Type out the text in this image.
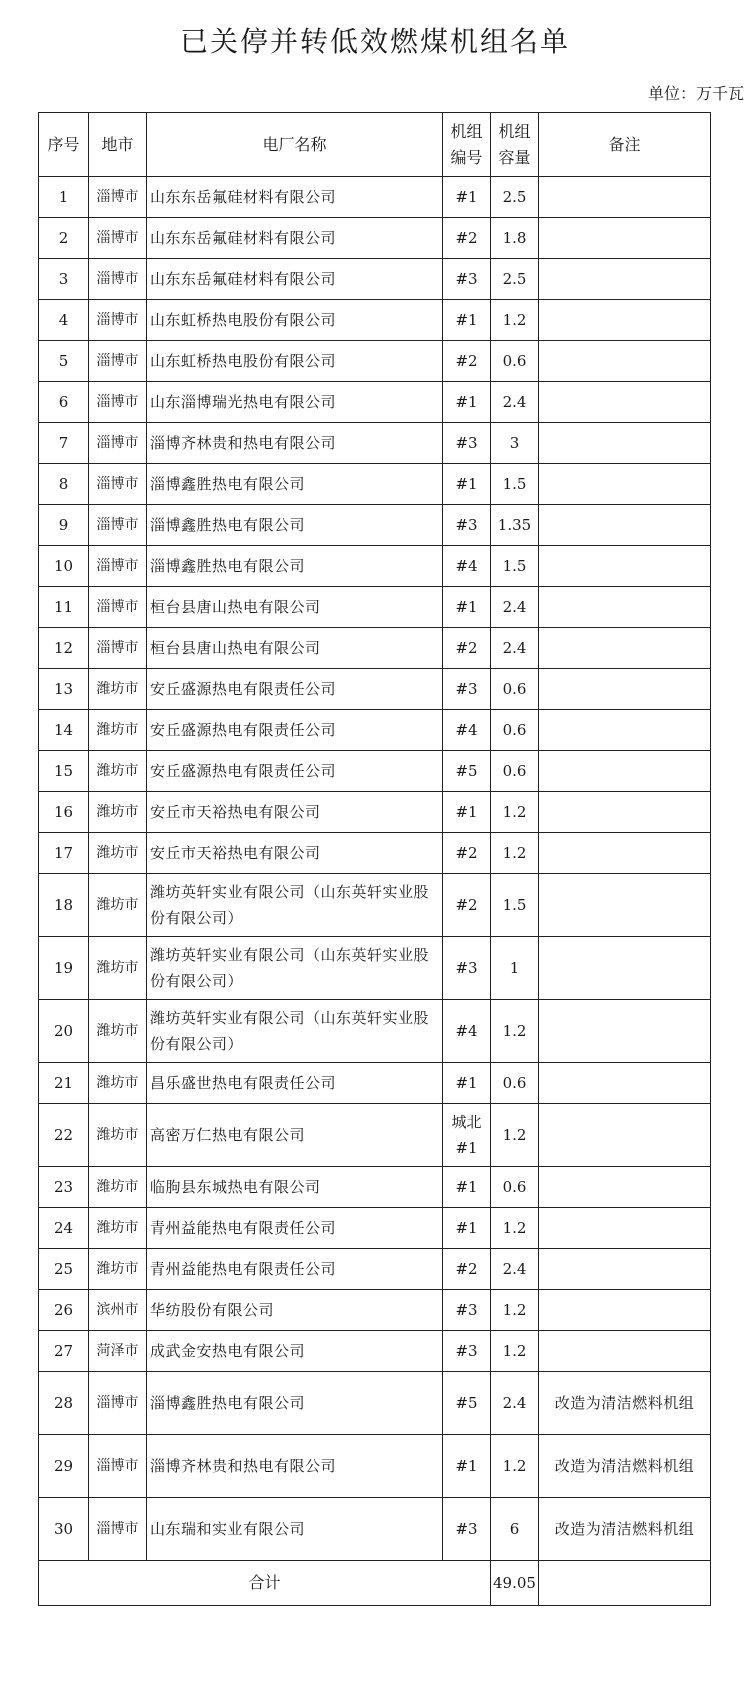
已关停并转低效燃煤机组名单
单位：万千瓦
序号	地市	电厂名称	机组编号	机组容量	备注
1	淄博市	山东东岳氟硅材料有限公司	#1	2.5	
2	淄博市	山东东岳氟硅材料有限公司	#2	1.8	
3	淄博市	山东东岳氟硅材料有限公司	#3	2.5	
4	淄博市	山东虹桥热电股份有限公司	#1	1.2	
5	淄博市	山东虹桥热电股份有限公司	#2	0.6	
6	淄博市	山东淄博瑞光热电有限公司	#1	2.4	
7	淄博市	淄博齐林贵和热电有限公司	#3	3	
8	淄博市	淄博鑫胜热电有限公司	#1	1.5	
9	淄博市	淄博鑫胜热电有限公司	#3	1.35	
10	淄博市	淄博鑫胜热电有限公司	#4	1.5	
11	淄博市	桓台县唐山热电有限公司	#1	2.4	
12	淄博市	桓台县唐山热电有限公司	#2	2.4	
13	潍坊市	安丘盛源热电有限责任公司	#3	0.6	
14	潍坊市	安丘盛源热电有限责任公司	#4	0.6	
15	潍坊市	安丘盛源热电有限责任公司	#5	0.6	
16	潍坊市	安丘市天裕热电有限公司	#1	1.2	
17	潍坊市	安丘市天裕热电有限公司	#2	1.2	
18	潍坊市	潍坊英轩实业有限公司（山东英轩实业股份有限公司）	#2	1.5	
19	潍坊市	潍坊英轩实业有限公司（山东英轩实业股份有限公司）	#3	1	
20	潍坊市	潍坊英轩实业有限公司（山东英轩实业股份有限公司）	#4	1.2	
21	潍坊市	昌乐盛世热电有限责任公司	#1	0.6	
22	潍坊市	高密万仁热电有限公司	城北#1	1.2	
23	潍坊市	临朐县东城热电有限公司	#1	0.6	
24	潍坊市	青州益能热电有限责任公司	#1	1.2	
25	潍坊市	青州益能热电有限责任公司	#2	2.4	
26	滨州市	华纺股份有限公司	#3	1.2	
27	菏泽市	成武金安热电有限公司	#3	1.2	
28	淄博市	淄博鑫胜热电有限公司	#5	2.4	改造为清洁燃料机组
29	淄博市	淄博齐林贵和热电有限公司	#1	1.2	改造为清洁燃料机组
30	淄博市	山东瑞和实业有限公司	#3	6	改造为清洁燃料机组
合计				49.05	
